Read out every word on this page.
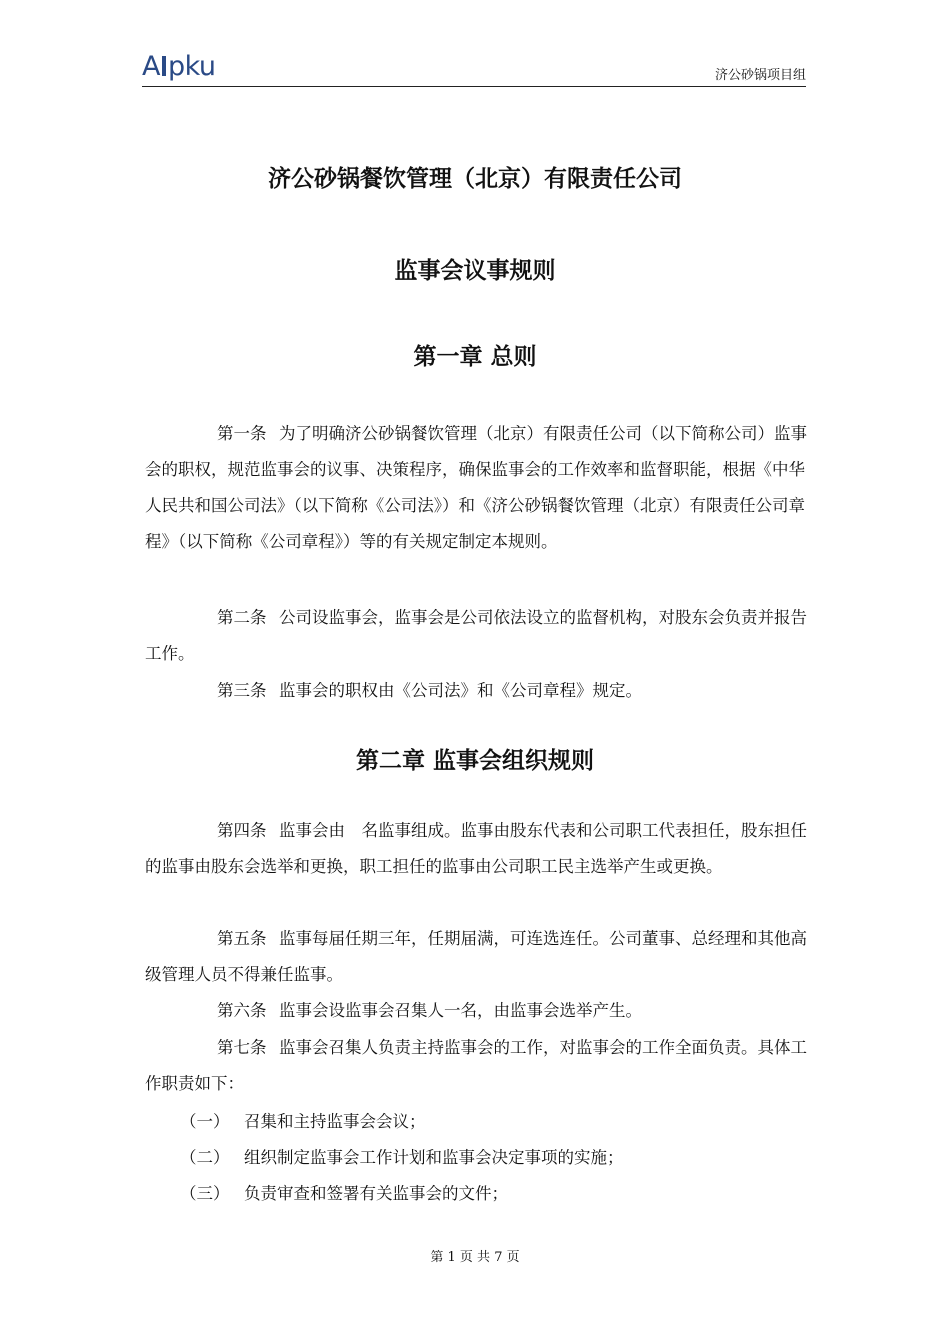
A pku	济公砂锅项目组
济公砂锅餐饮管理（北京）有限责任公司
监事会议事规则
第一章 总则

第一条 为了明确济公砂锅餐饮管理（北京）有限责任公司（以下简称公司）监事会的职权，规范监事会的议事、决策程序，确保监事会的工作效率和监督职能，根据《中华人民共和国公司法》（以下简称《公司法》）和《济公砂锅餐饮管理（北京）有限责任公司章程》（以下简称《公司章程》）等的有关规定制定本规则。

第二条 公司设监事会，监事会是公司依法设立的监督机构，对股东会负责并报告工作。

第三条 监事会的职权由《公司法》和《公司章程》规定。

第二章 监事会组织规则

第四条 监事会由　名监事组成。监事由股东代表和公司职工代表担任，股东担任的监事由股东会选举和更换，职工担任的监事由公司职工民主选举产生或更换。

第五条 监事每届任期三年，任期届满，可连选连任。公司董事、总经理和其他高级管理人员不得兼任监事。

第六条 监事会设监事会召集人一名，由监事会选举产生。

第七条 监事会召集人负责主持监事会的工作，对监事会的工作全面负责。具体工作职责如下：

（一） 召集和主持监事会会议；
（二） 组织制定监事会工作计划和监事会决定事项的实施；
（三） 负责审查和签署有关监事会的文件；
第 1 页 共 7 页
